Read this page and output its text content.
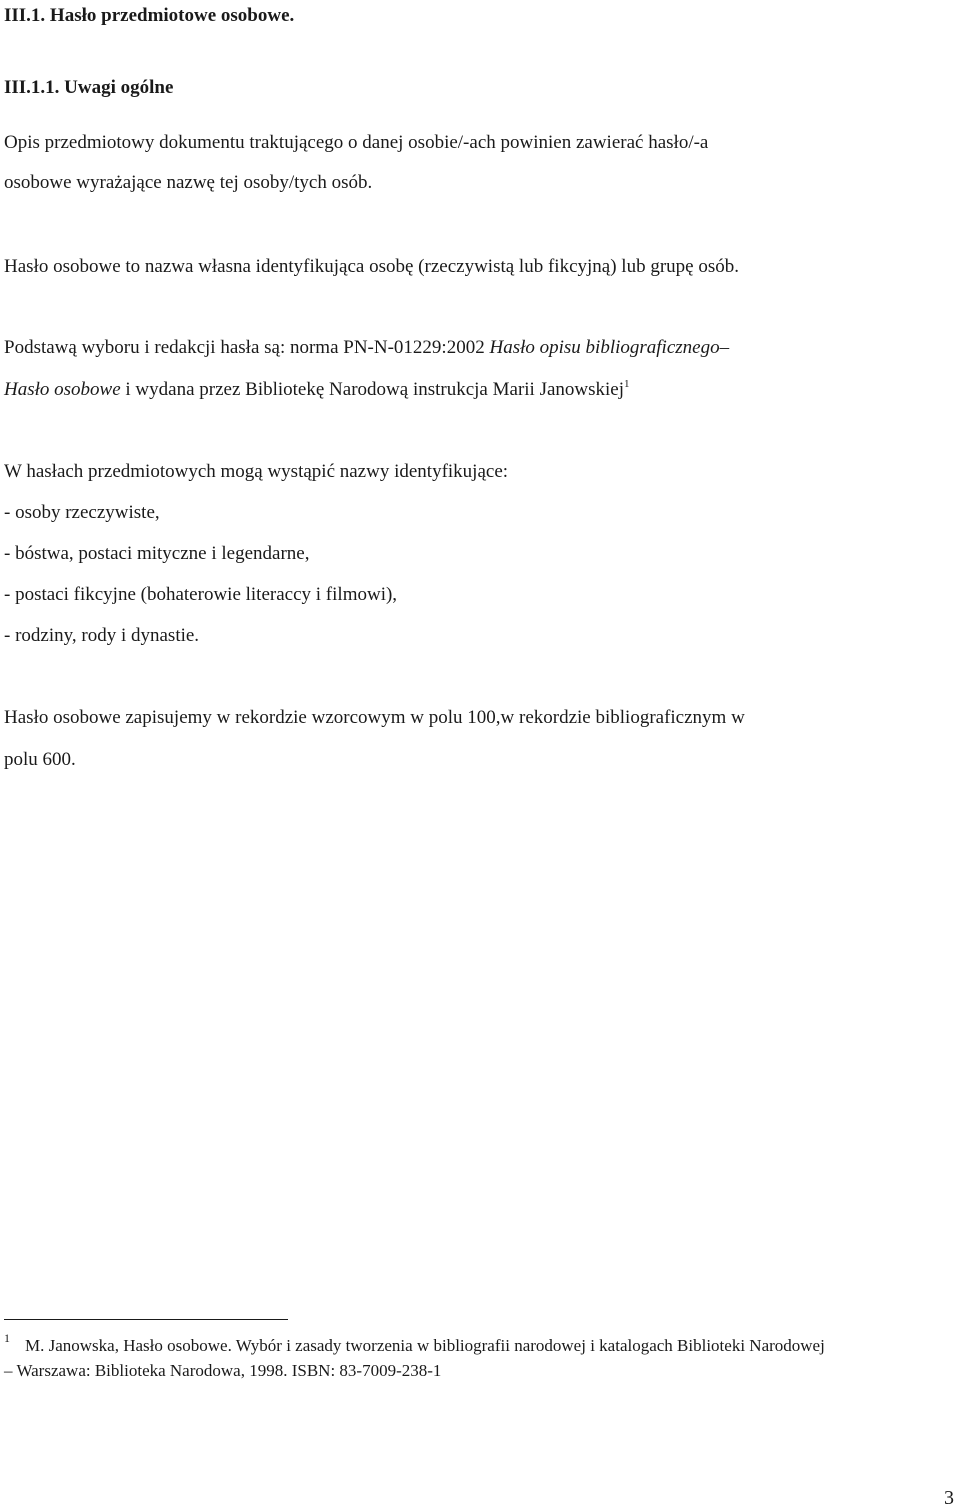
III.1. Hasło przedmiotowe osobowe.
III.1.1. Uwagi ogólne
Opis przedmiotowy dokumentu traktującego o danej osobie/-ach powinien zawierać hasło/-a
osobowe wyrażające nazwę tej osoby/tych osób.
Hasło osobowe to nazwa własna identyfikująca osobę (rzeczywistą lub fikcyjną) lub grupę osób.
Podstawą wyboru i redakcji hasła są: norma PN-N-01229:2002 Hasło opisu bibliograficznego–
Hasło osobowe i wydana przez Bibliotekę Narodową instrukcja Marii Janowskiej$^1$
W hasłach przedmiotowych mogą wystąpić nazwy identyfikujące:
- osoby rzeczywiste,
- bóstwa, postaci mityczne i legendarne,
- postaci fikcyjne (bohaterowie literaccy i filmowi),
- rodziny, rody i dynastie.
Hasło osobowe zapisujemy w rekordzie wzorcowym w polu 100,w rekordzie bibliograficznym w
polu 600.
1 M. Janowska, Hasło osobowe. Wybór i zasady tworzenia w bibliografii narodowej i katalogach Biblioteki Narodowej
– Warszawa: Biblioteka Narodowa, 1998. ISBN: 83-7009-238-1
3
